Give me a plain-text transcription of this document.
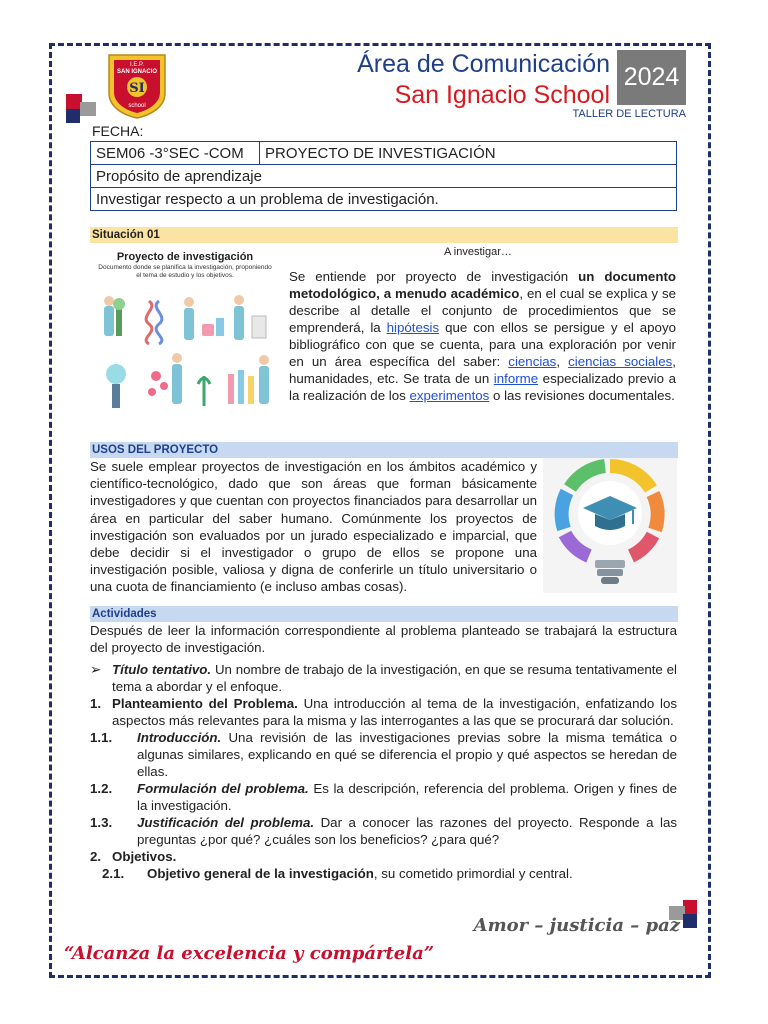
I.E.P.
SAN IGNACIO
SI
school
Área de Comunicación
San Ignacio School
2024
TALLER DE LECTURA
FECHA:
SEM06 -3°SEC -COM	PROYECTO DE INVESTIGACIÓN
Propósito de aprendizaje
Investigar respecto a un problema de investigación.
Situación 01
Proyecto de investigación
Documento donde se planifica la investigación, proponiendo el tema de estudio y los objetivos.
A investigar…

Se entiende por proyecto de investigación un documento metodológico, a menudo académico, en el cual se explica y se describe al detalle el conjunto de procedimientos que se emprenderá, la hipótesis que con ellos se persigue y el apoyo bibliográfico con que se cuenta, para una exploración por venir en un área específica del saber: ciencias, ciencias sociales, humanidades, etc. Se trata de un informe especializado previo a la realización de los experimentos o las revisiones documentales.

USOS DEL PROYECTO

Se suele emplear proyectos de investigación en los ámbitos académico y científico-tecnológico, dado que son áreas que forman básicamente investigadores y que cuentan con proyectos financiados para desarrollar un área en particular del saber humano. Comúnmente los proyectos de investigación son evaluados por un jurado especializado e imparcial, que debe decidir si el investigador o grupo de ellos se propone una investigación posible, valiosa y digna de conferirle un título universitario o una cuota de financiamiento (e incluso ambas cosas).

Actividades

Después de leer la información correspondiente al problema planteado se trabajará la estructura del proyecto de investigación.

➢ Título tentativo. Un nombre de trabajo de la investigación, en que se resuma tentativamente el tema a abordar y el enfoque.
1. Planteamiento del Problema. Una introducción al tema de la investigación, enfatizando los aspectos más relevantes para la misma y las interrogantes a las que se procurará dar solución.
1.1.	Introducción. Una revisión de las investigaciones previas sobre la misma temática o algunas similares, explicando en qué se diferencia el propio y qué aspectos se heredan de ellas.
1.2.	Formulación del problema. Es la descripción, referencia del problema. Origen y fines de la investigación.
1.3.	Justificación del problema. Dar a conocer las razones del proyecto. Responde a las preguntas ¿por qué? ¿cuáles son los beneficios? ¿para qué?
2. Objetivos.
2.1.	Objetivo general de la investigación, su cometido primordial y central.
Amor – justicia – paz
“Alcanza la excelencia y compártela”
